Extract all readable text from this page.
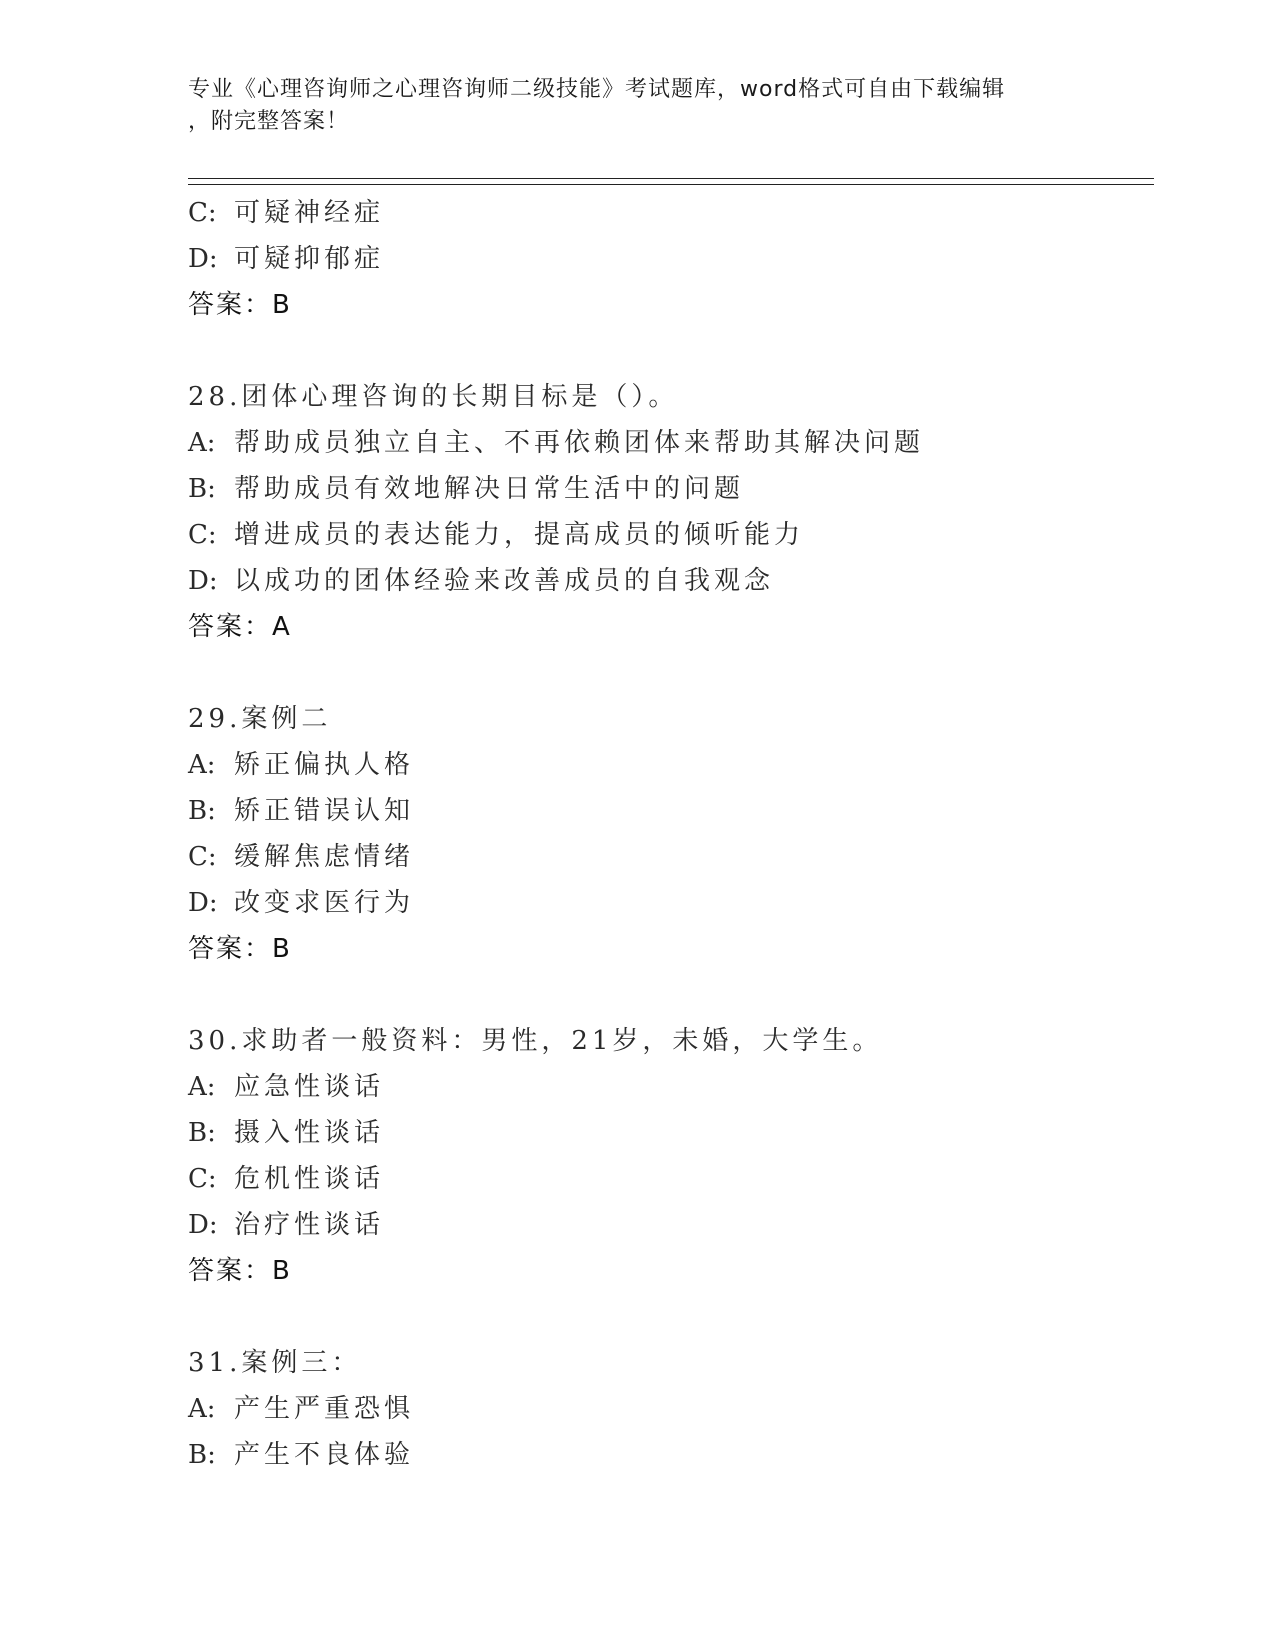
专业《心理咨询师之心理咨询师二级技能》考试题库，word格式可自由下载编辑

，附完整答案！
C: 可疑神经症
D: 可疑抑郁症
答案：B
28.团体心理咨询的长期目标是（）。
A: 帮助成员独立自主、不再依赖团体来帮助其解决问题
B: 帮助成员有效地解决日常生活中的问题
C: 增进成员的表达能力，提高成员的倾听能力
D: 以成功的团体经验来改善成员的自我观念
答案：A
29.案例二
A: 矫正偏执人格
B: 矫正错误认知
C: 缓解焦虑情绪
D: 改变求医行为
答案：B
30.求助者一般资料：男性，21岁，未婚，大学生。
A: 应急性谈话
B: 摄入性谈话
C: 危机性谈话
D: 治疗性谈话
答案：B
31.案例三：
A: 产生严重恐惧
B: 产生不良体验
